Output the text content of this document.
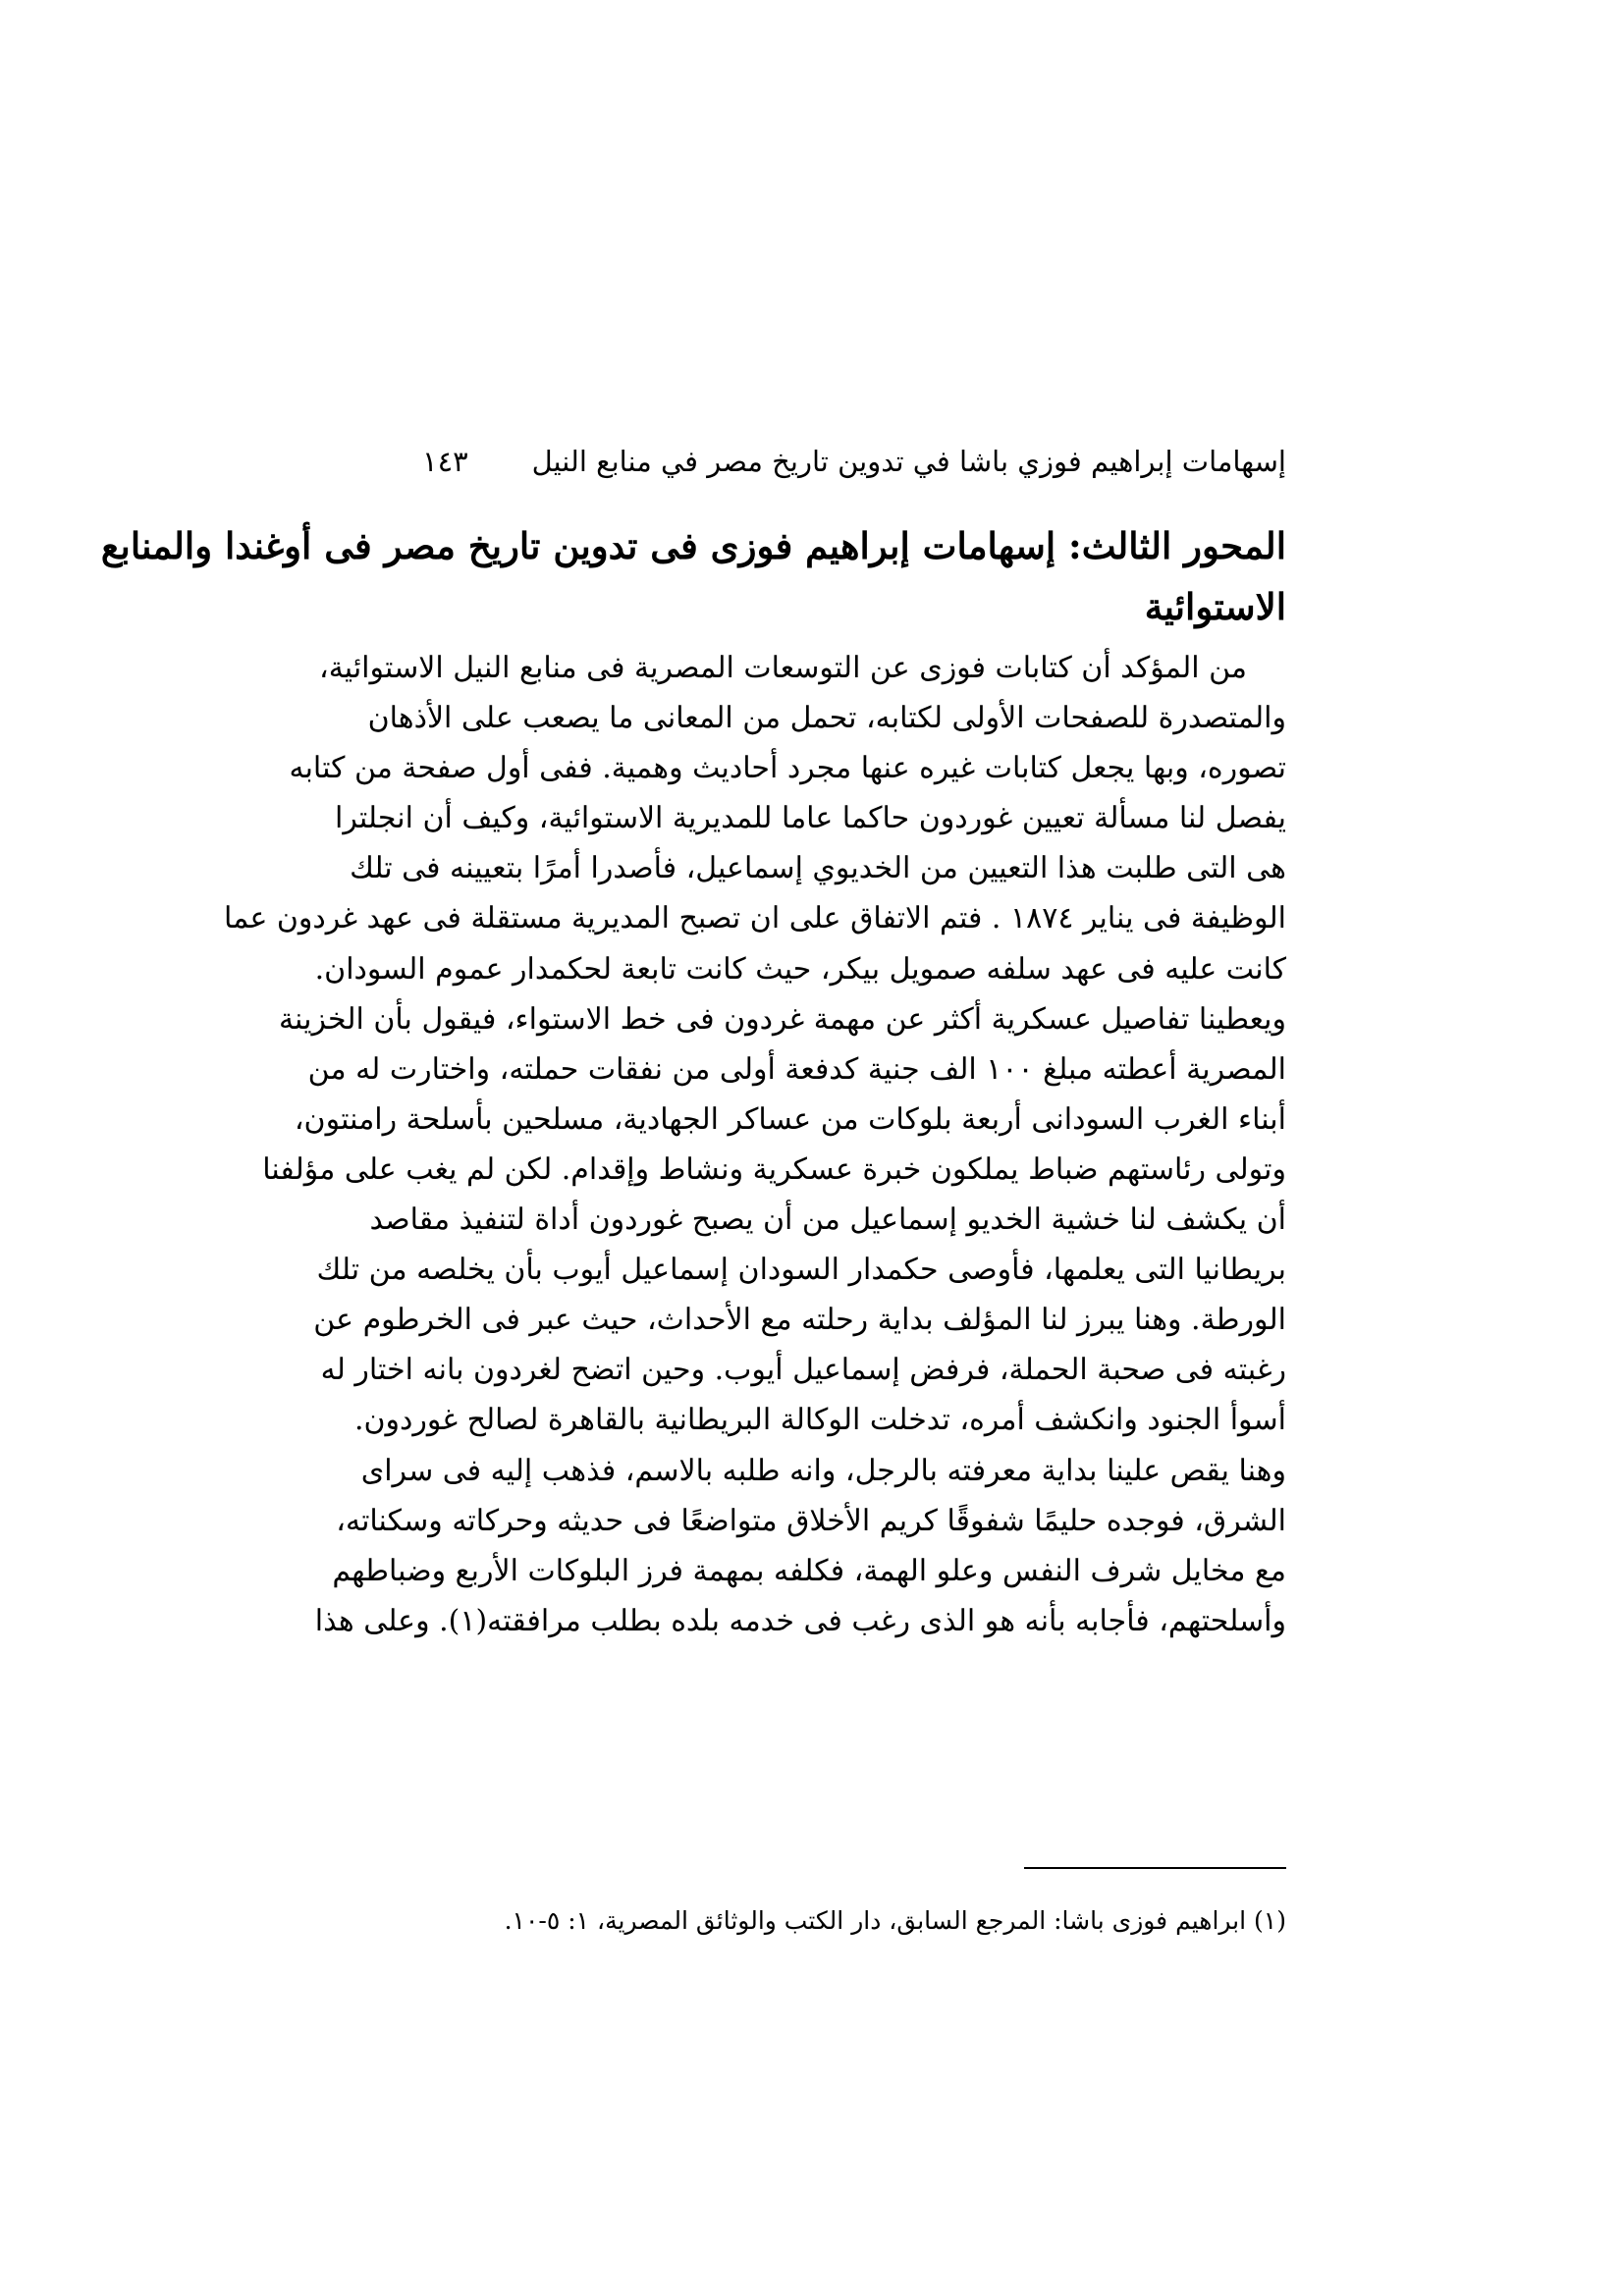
إسهامات إبراهيم فوزي باشا في تدوين تاريخ مصر في منابع النيل
١٤٣
المحور الثالث: إسهامات إبراهيم فوزى فى تدوين تاريخ مصر فى أوغندا والمنابع
الاستوائية
من المؤكد أن كتابات فوزى عن التوسعات المصرية فى منابع النيل الاستوائية،
والمتصدرة للصفحات الأولى لكتابه، تحمل من المعانى ما يصعب على الأذهان
تصوره، وبها يجعل كتابات غيره عنها مجرد أحاديث وهمية. ففى أول صفحة من كتابه
يفصل لنا مسألة تعيين غوردون حاكما عاما للمديرية الاستوائية، وكيف أن انجلترا
هى التى طلبت هذا التعيين من الخديوي إسماعيل، فأصدرا أمرًا بتعيينه فى تلك
الوظيفة فى يناير ١٨٧٤ . فتم الاتفاق على ان تصبح المديرية مستقلة فى عهد غردون عما
كانت عليه فى عهد سلفه صمويل بيكر، حيث كانت تابعة لحكمدار عموم السودان.
ويعطينا تفاصيل عسكرية أكثر عن مهمة غردون فى خط الاستواء، فيقول بأن الخزينة
المصرية أعطته مبلغ ١٠٠ الف جنية كدفعة أولى من نفقات حملته، واختارت له من
أبناء الغرب السودانى أربعة بلوكات من عساكر الجهادية، مسلحين بأسلحة رامنتون،
وتولى رئاستهم ضباط يملكون خبرة عسكرية ونشاط وإقدام. لكن لم يغب على مؤلفنا
أن يكشف لنا خشية الخديو إسماعيل من أن يصبح غوردون أداة لتنفيذ مقاصد
بريطانيا التى يعلمها، فأوصى حكمدار السودان إسماعيل أيوب بأن يخلصه من تلك
الورطة. وهنا يبرز لنا المؤلف بداية رحلته مع الأحداث، حيث عبر فى الخرطوم عن
رغبته فى صحبة الحملة، فرفض إسماعيل أيوب. وحين اتضح لغردون بانه اختار له
أسوأ الجنود وانكشف أمره، تدخلت الوكالة البريطانية بالقاهرة لصالح غوردون.
وهنا يقص علينا بداية معرفته بالرجل، وانه طلبه بالاسم، فذهب إليه فى سراى
الشرق، فوجده حليمًا شفوقًا كريم الأخلاق متواضعًا فى حديثه وحركاته وسكناته،
مع مخايل شرف النفس وعلو الهمة، فكلفه بمهمة فرز البلوكات الأربع وضباطهم
وأسلحتهم، فأجابه بأنه هو الذى رغب فى خدمه بلده بطلب مرافقته(١). وعلى هذا

(١) ابراهيم فوزى باشا: المرجع السابق، دار الكتب والوثائق المصرية، ١: ٥-١٠.
